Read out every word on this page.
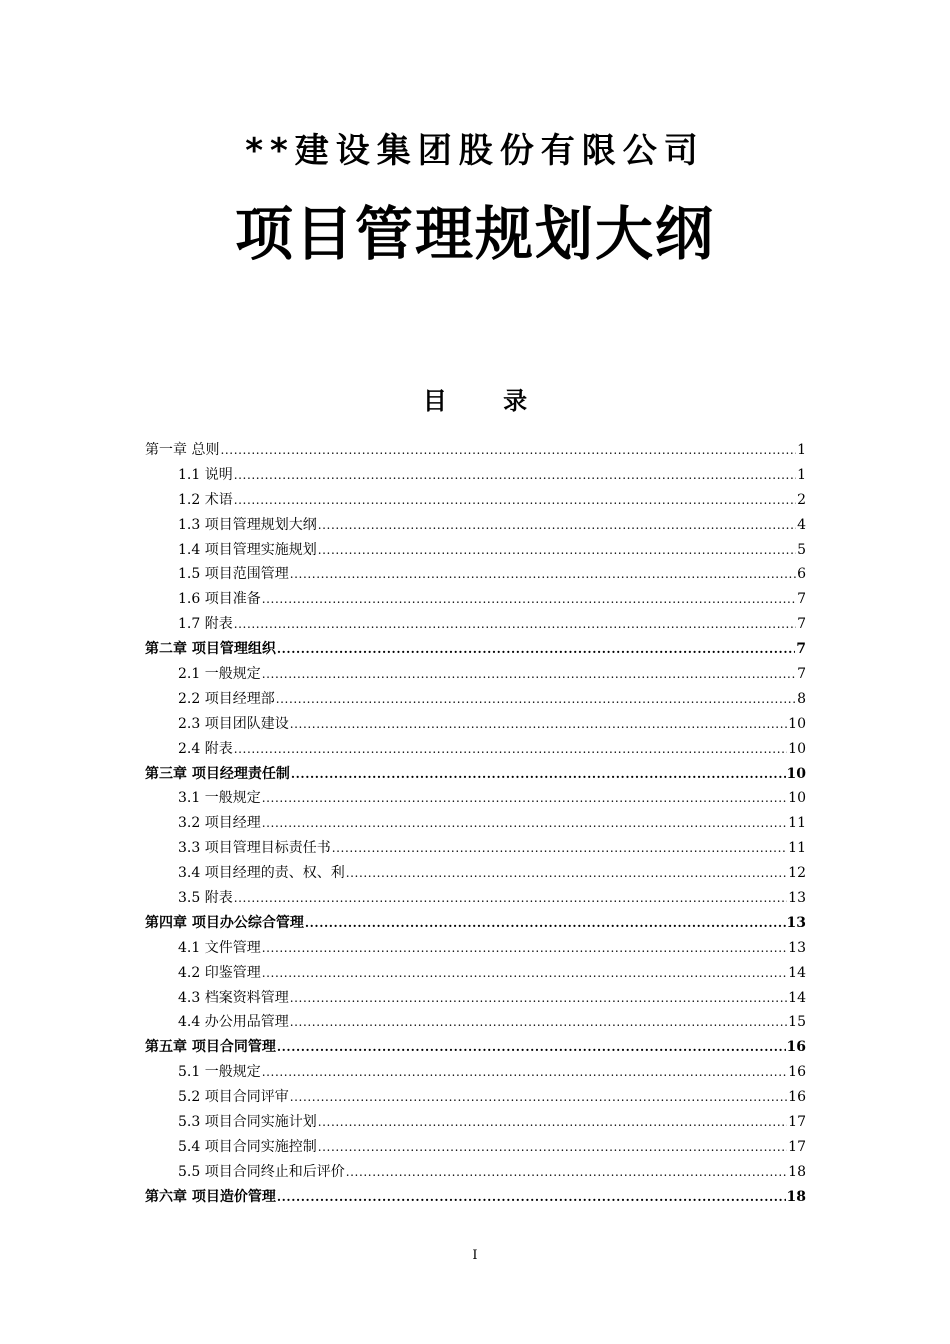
**建设集团股份有限公司
项目管理规划大纲
目 录
第一章 总则 .....	1
1.1 说明 .....	1
1.2 术语 .....	2
1.3 项目管理规划大纲 .....	4
1.4 项目管理实施规划 .....	5
1.5 项目范围管理 .....	6
1.6 项目准备 .....	7
1.7 附表 .....	7
第二章 项目管理组织 .....	7
2.1 一般规定 .....	7
2.2 项目经理部 .....	8
2.3 项目团队建设 .....	10
2.4 附表 .....	10
第三章 项目经理责任制 .....	10
3.1 一般规定 .....	10
3.2 项目经理 .....	11
3.3 项目管理目标责任书 .....	11
3.4 项目经理的责、权、利 .....	12
3.5 附表 .....	13
第四章 项目办公综合管理 .....	13
4.1 文件管理 .....	13
4.2 印鉴管理 .....	14
4.3 档案资料管理 .....	14
4.4 办公用品管理 .....	15
第五章 项目合同管理 .....	16
5.1 一般规定 .....	16
5.2 项目合同评审 .....	16
5.3 项目合同实施计划 .....	17
5.4 项目合同实施控制 .....	17
5.5 项目合同终止和后评价 .....	18
第六章 项目造价管理 .....	18
I
